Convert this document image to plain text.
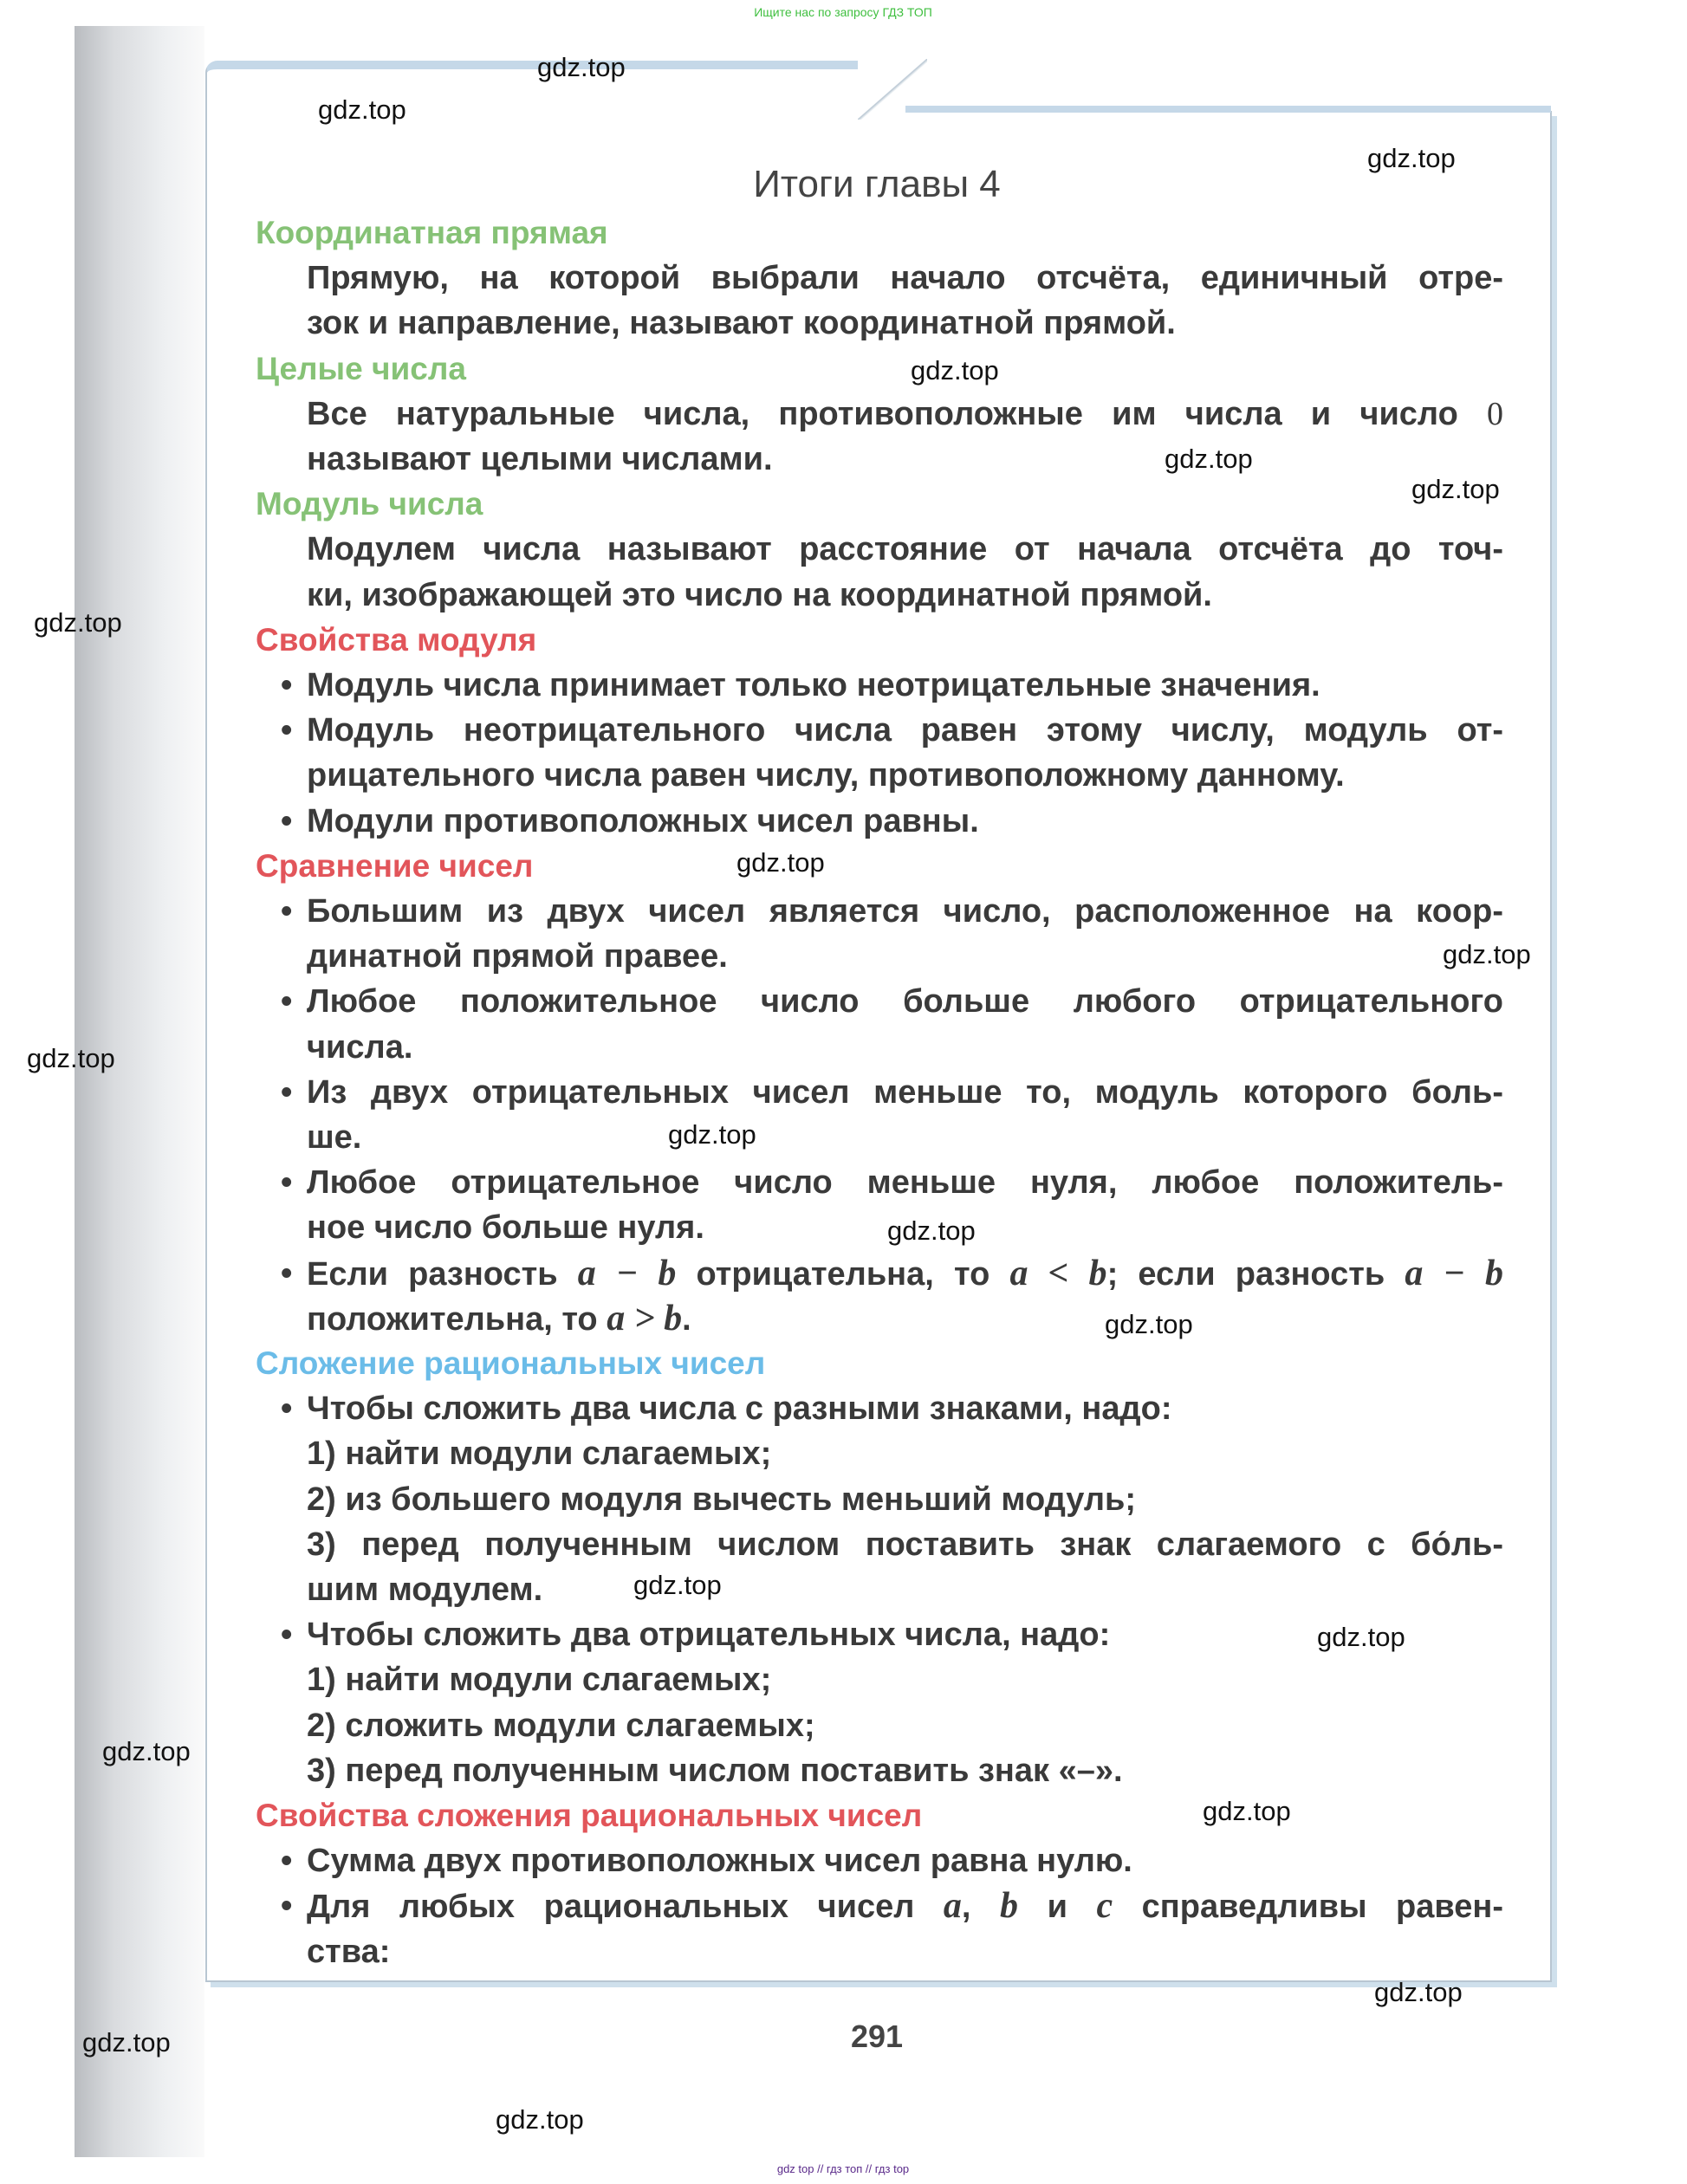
Ищите нас по запросу ГДЗ ТОП
Итоги главы 4
Координатная прямая
Прямую, на которой выбрали начало отсчёта, единичный отре-
зок и направление, называют координатной прямой.
Целые числа
Все натуральные числа, противоположные им числа и число 0
называют целыми числами.
Модуль числа
Модулем числа называют расстояние от начала отсчёта до точ-
ки, изображающей это число на координатной прямой.
Свойства модуля
• Модуль числа принимает только неотрицательные значения.
• Модуль неотрицательного числа равен этому числу, модуль от-
рицательного числа равен числу, противоположному данному.
• Модули противоположных чисел равны.
Сравнение чисел
• Большим из двух чисел является число, расположенное на коор-
динатной прямой правее.
• Любое положительное число больше любого отрицательного
числа.
• Из двух отрицательных чисел меньше то, модуль которого боль-
ше.
• Любое отрицательное число меньше нуля, любое положитель-
ное число больше нуля.
• Если разность a − b отрицательна, то a < b; если разность a − b
положительна, то a > b.
Сложение рациональных чисел
• Чтобы сложить два числа с разными знаками, надо:
1) найти модули слагаемых;
2) из большего модуля вычесть меньший модуль;
3) перед полученным числом поставить знак слагаемого с бо́ль-
шим модулем.
• Чтобы сложить два отрицательных числа, надо:
1) найти модули слагаемых;
2) сложить модули слагаемых;
3) перед полученным числом поставить знак «–».
Свойства сложения рациональных чисел
• Сумма двух противоположных чисел равна нулю.
• Для любых рациональных чисел a, b и c справедливы равен-
ства:
291
gdz.top
gdz.top
gdz.top
gdz.top
gdz.top
gdz.top
gdz.top
gdz.top
gdz.top
gdz.top
gdz.top
gdz.top
gdz.top
gdz.top
gdz.top
gdz.top
gdz.top
gdz.top
gdz.top
gdz.top
gdz top // гдз топ // гдз top
